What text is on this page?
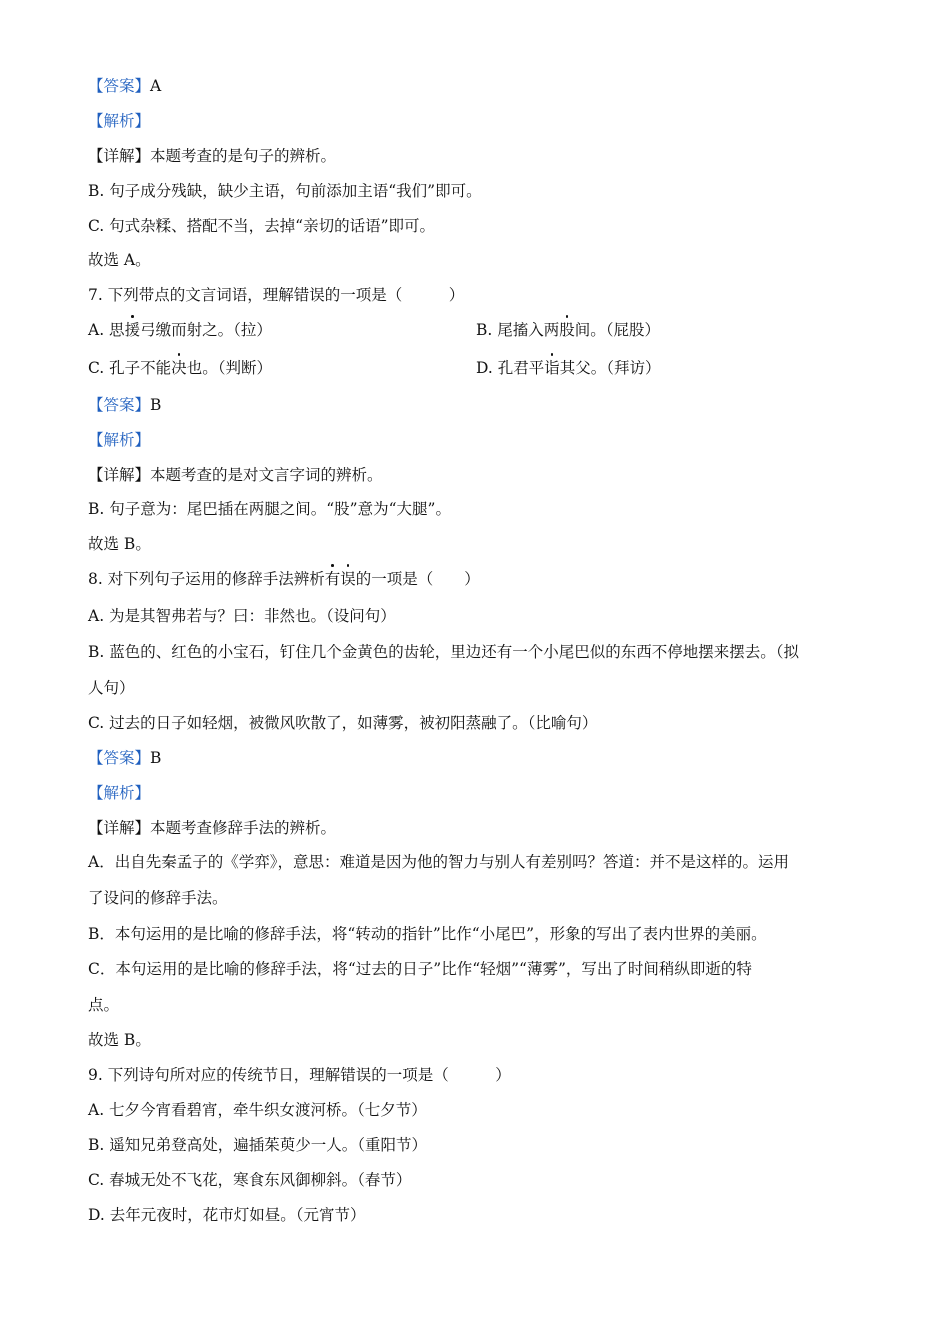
【答案】A
【解析】
【详解】本题考查的是句子的辨析。
B. 句子成分残缺，缺少主语，句前添加主语“我们”即可。
C. 句式杂糅、搭配不当，去掉“亲切的话语”即可。
故选 A。
7. 下列带点的文言词语，理解错误的一项是（　　　）
A. 思援弓缴而射之。（拉）	B. 尾搐入两股间。（屁股）
C. 孔子不能决也。（判断）	D. 孔君平诣其父。（拜访）
【答案】B
【解析】
【详解】本题考查的是对文言字词的辨析。
B. 句子意为：尾巴插在两腿之间。“股”意为“大腿”。
故选 B。
8. 对下列句子运用的修辞手法辨析有误的一项是（　　）
A. 为是其智弗若与？曰：非然也。（设问句）
B. 蓝色的、红色的小宝石，钉住几个金黄色的齿轮，里边还有一个小尾巴似的东西不停地摆来摆去。（拟
人句）
C. 过去的日子如轻烟，被微风吹散了，如薄雾，被初阳蒸融了。（比喻句）
【答案】B
【解析】
【详解】本题考查修辞手法的辨析。
A．出自先秦孟子的《学弈》，意思：难道是因为他的智力与别人有差别吗？答道：并不是这样的。运用
了设问的修辞手法。
B．本句运用的是比喻的修辞手法，将“转动的指针”比作“小尾巴”，形象的写出了表内世界的美丽。
C．本句运用的是比喻的修辞手法，将“过去的日子”比作“轻烟”“薄雾”，写出了时间稍纵即逝的特
点。
故选 B。
9. 下列诗句所对应的传统节日，理解错误的一项是（　　　）
A. 七夕今宵看碧宵，牵牛织女渡河桥。（七夕节）
B. 遥知兄弟登高处，遍插茱萸少一人。（重阳节）
C. 春城无处不飞花，寒食东风御柳斜。（春节）
D. 去年元夜时，花市灯如昼。（元宵节）
